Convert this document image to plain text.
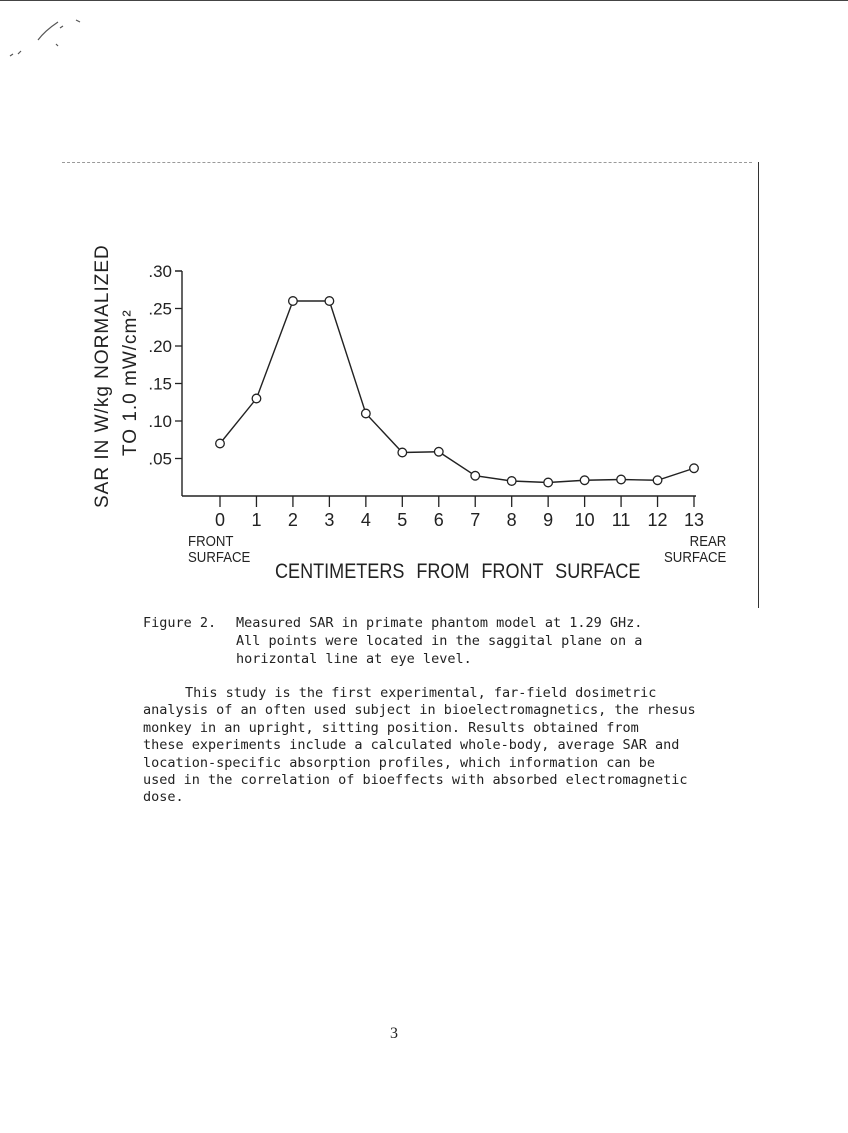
.05
.10
.15
.20
.25
.30
0 1 2 3 4 5 6 7 8 9 10 11 12 13
SAR IN W/kg NORMALIZED TO 1.0 mW/cm²
FRONT
SURFACE
REAR
SURFACE
CENTIMETERS FROM FRONT SURFACE
Figure 2.	Measured SAR in primate phantom model at 1.29 GHz.
All points were located in the saggital plane on a
horizontal line at eye level.
This study is the first experimental, far-field dosimetric
analysis of an often used subject in bioelectromagnetics, the rhesus
monkey in an upright, sitting position. Results obtained from
these experiments include a calculated whole-body, average SAR and
location-specific absorption profiles, which information can be
used in the correlation of bioeffects with absorbed electromagnetic
dose.
3
